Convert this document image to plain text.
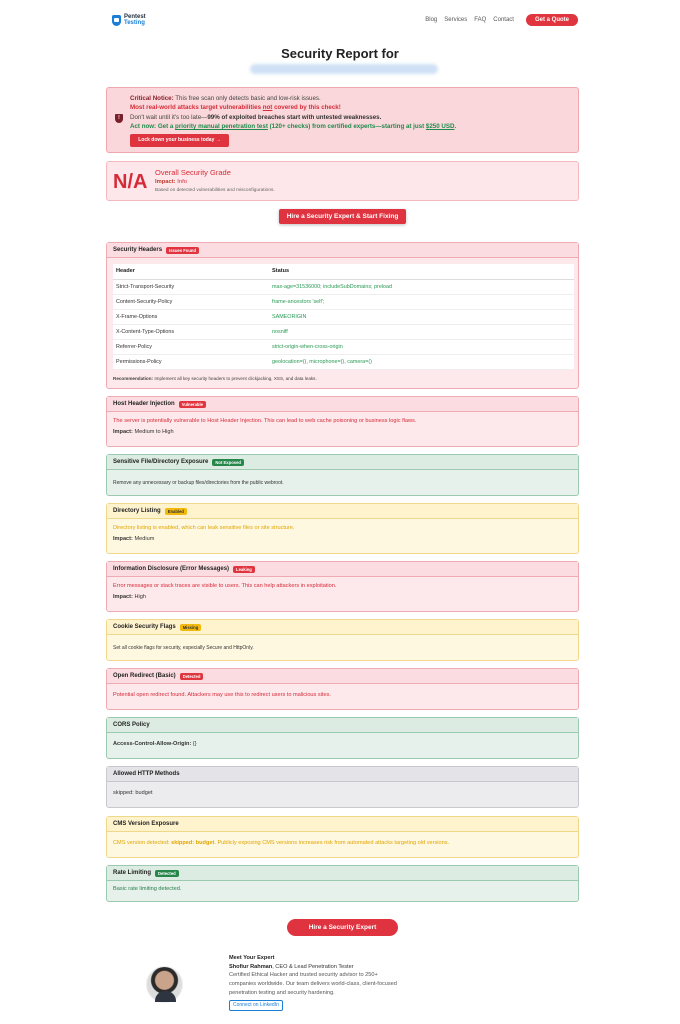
Pentest
Testing	Blog Services FAQ Contact	Get a Quote
Security Report for
!
Critical Notice: This free scan only detects basic and low-risk issues.
Most real-world attacks target vulnerabilities not covered by this check!
Don't wait until it's too late—99% of exploited breaches start with untested weaknesses.
Act now: Get a priority manual penetration test (120+ checks) from certified experts—starting at just $250 USD.
Lock down your business today →
N/A Overall Security Grade
Impact: Info
Based on detected vulnerabilities and misconfigurations.
Hire a Security Expert & Start Fixing
Security Headers	Issues Found
Header	Status
Strict-Transport-Security	max-age=31536000; includeSubDomains; preload
Content-Security-Policy	frame-ancestors 'self';
X-Frame-Options	SAMEORIGIN
X-Content-Type-Options	nosniff
Referrer-Policy	strict-origin-when-cross-origin
Permissions-Policy	geolocation=(), microphone=(), camera=()
Recommendation: Implement all key security headers to prevent clickjacking, XSS, and data leaks.
Host Header Injection	Vulnerable
The server is potentially vulnerable to Host Header Injection. This can lead to web cache poisoning or business logic flaws.
Impact: Medium to High
Sensitive File/Directory Exposure	Not Exposed
Remove any unnecessary or backup files/directories from the public webroot.
Directory Listing	Enabled
Directory listing is enabled, which can leak sensitive files or site structure.
Impact: Medium
Information Disclosure (Error Messages)	Leaking
Error messages or stack traces are visible to users. This can help attackers in exploitation.
Impact: High
Cookie Security Flags	Missing
Set all cookie flags for security, especially Secure and HttpOnly.
Open Redirect (Basic)	Detected
Potential open redirect found. Attackers may use this to redirect users to malicious sites.
CORS Policy
Access-Control-Allow-Origin: {}
Allowed HTTP Methods
skipped: budget
CMS Version Exposure
CMS version detected: skipped: budget. Publicly exposing CMS versions increases risk from automated attacks targeting old versions.
Rate Limiting	Detected
Basic rate limiting detected.
Hire a Security Expert
Meet Your Expert
Shofiur Rahman, CEO & Lead Penetration Tester
Certified Ethical Hacker and trusted security advisor to 250+ companies worldwide. Our team delivers world-class, client-focused penetration testing and security hardening.
Connect on LinkedIn
